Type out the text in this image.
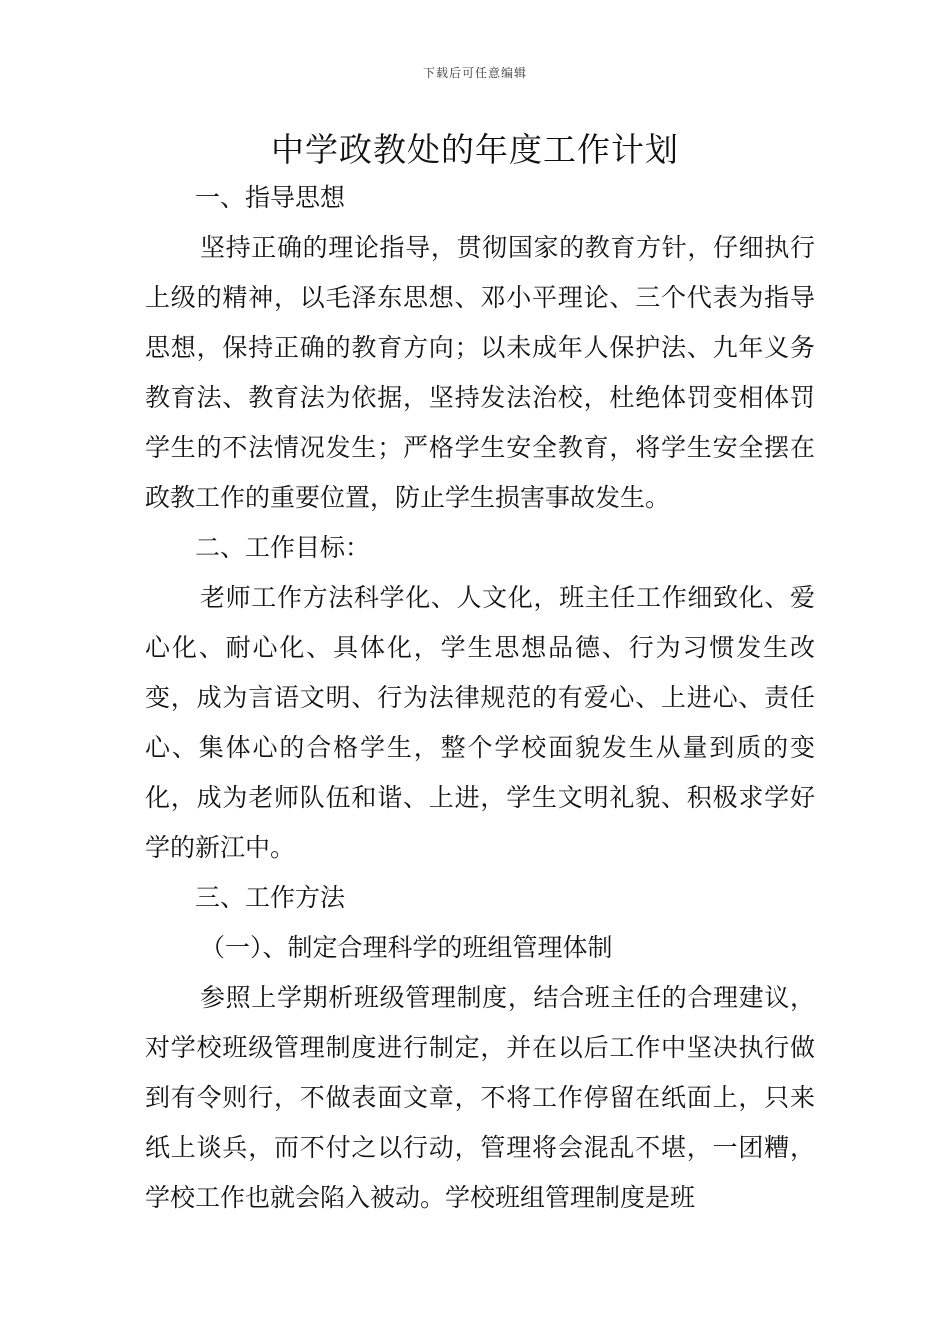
下载后可任意编辑
中学政教处的年度工作计划

一、指导思想

坚持正确的理论指导，贯彻国家的教育方针，仔细执行上级的精神，以毛泽东思想、邓小平理论、三个代表为指导思想，保持正确的教育方向；以未成年人保护法、九年义务教育法、教育法为依据，坚持发法治校，杜绝体罚变相体罚学生的不法情况发生；严格学生安全教育，将学生安全摆在政教工作的重要位置，防止学生损害事故发生。

二、工作目标：

老师工作方法科学化、人文化，班主任工作细致化、爱心化、耐心化、具体化，学生思想品德、行为习惯发生改变，成为言语文明、行为法律规范的有爱心、上进心、责任心、集体心的合格学生，整个学校面貌发生从量到质的变化，成为老师队伍和谐、上进，学生文明礼貌、积极求学好学的新江中。

三、工作方法

（一）、制定合理科学的班组管理体制

参照上学期析班级管理制度，结合班主任的合理建议，对学校班级管理制度进行制定，并在以后工作中坚决执行做到有令则行，不做表面文章，不将工作停留在纸面上，只来纸上谈兵，而不付之以行动，管理将会混乱不堪，一团糟，学校工作也就会陷入被动。学校班组管理制度是班
